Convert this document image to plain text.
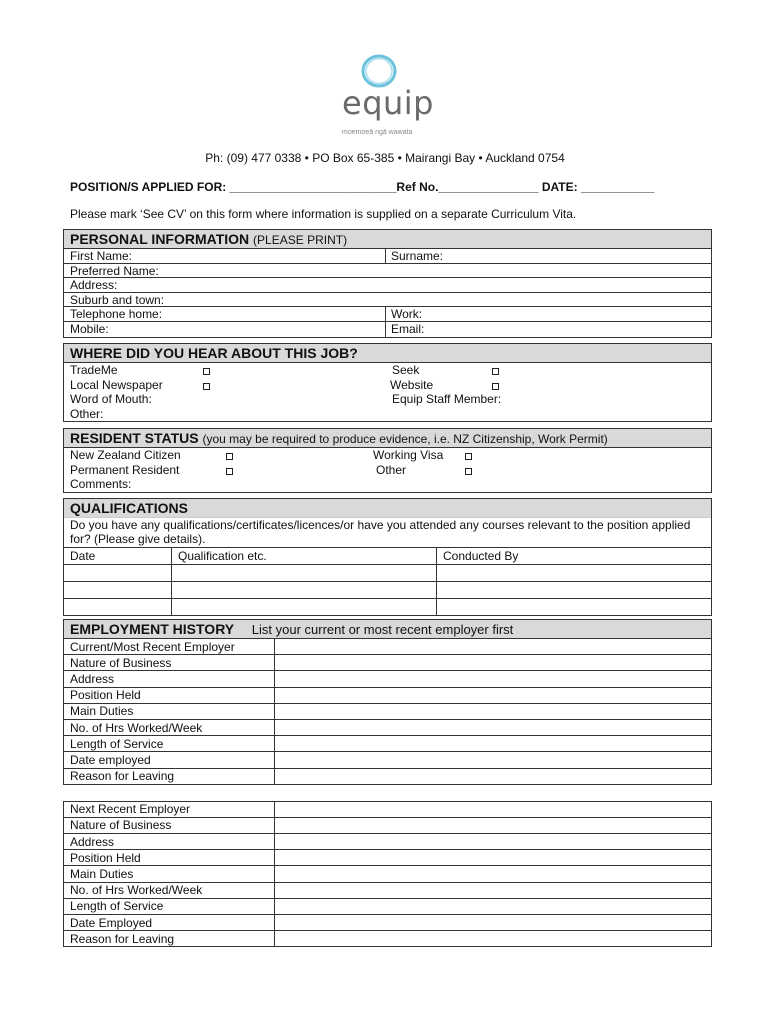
equip
moemoeā ngā wawata
Ph: (09) 477 0338 • PO Box 65-385 • Mairangi Bay • Auckland 0754
POSITION/S APPLIED FOR: _________________________Ref No._______________ DATE: ___________
Please mark ‘See CV’ on this form where information is supplied on a separate Curriculum Vita.
PERSONAL INFORMATION (PLEASE PRINT)
First Name:	Surname:
Preferred Name:
Address:
Suburb and town:
Telephone home:	Work:
Mobile:	Email:
WHERE DID YOU HEAR ABOUT THIS JOB?
TradeMe	Seek
Local Newspaper	Website
Word of Mouth:	Equip Staff Member:
Other:
RESIDENT STATUS (you may be required to produce evidence, i.e. NZ Citizenship, Work Permit)
New Zealand Citizen	Working Visa
Permanent Resident	Other
Comments:
QUALIFICATIONS
Do you have any qualifications/certificates/licences/or have you attended any courses relevant to the position applied for? (Please give details).
Date	Qualification etc.	Conducted By

EMPLOYMENT HISTORY List your current or most recent employer first
Current/Most Recent Employer	
Nature of Business	
Address	
Position Held	
Main Duties	
No. of Hrs Worked/Week	
Length of Service	
Date employed	
Reason for Leaving	
Next Recent Employer	
Nature of Business	
Address	
Position Held	
Main Duties	
No. of Hrs Worked/Week	
Length of Service	
Date Employed	
Reason for Leaving	
